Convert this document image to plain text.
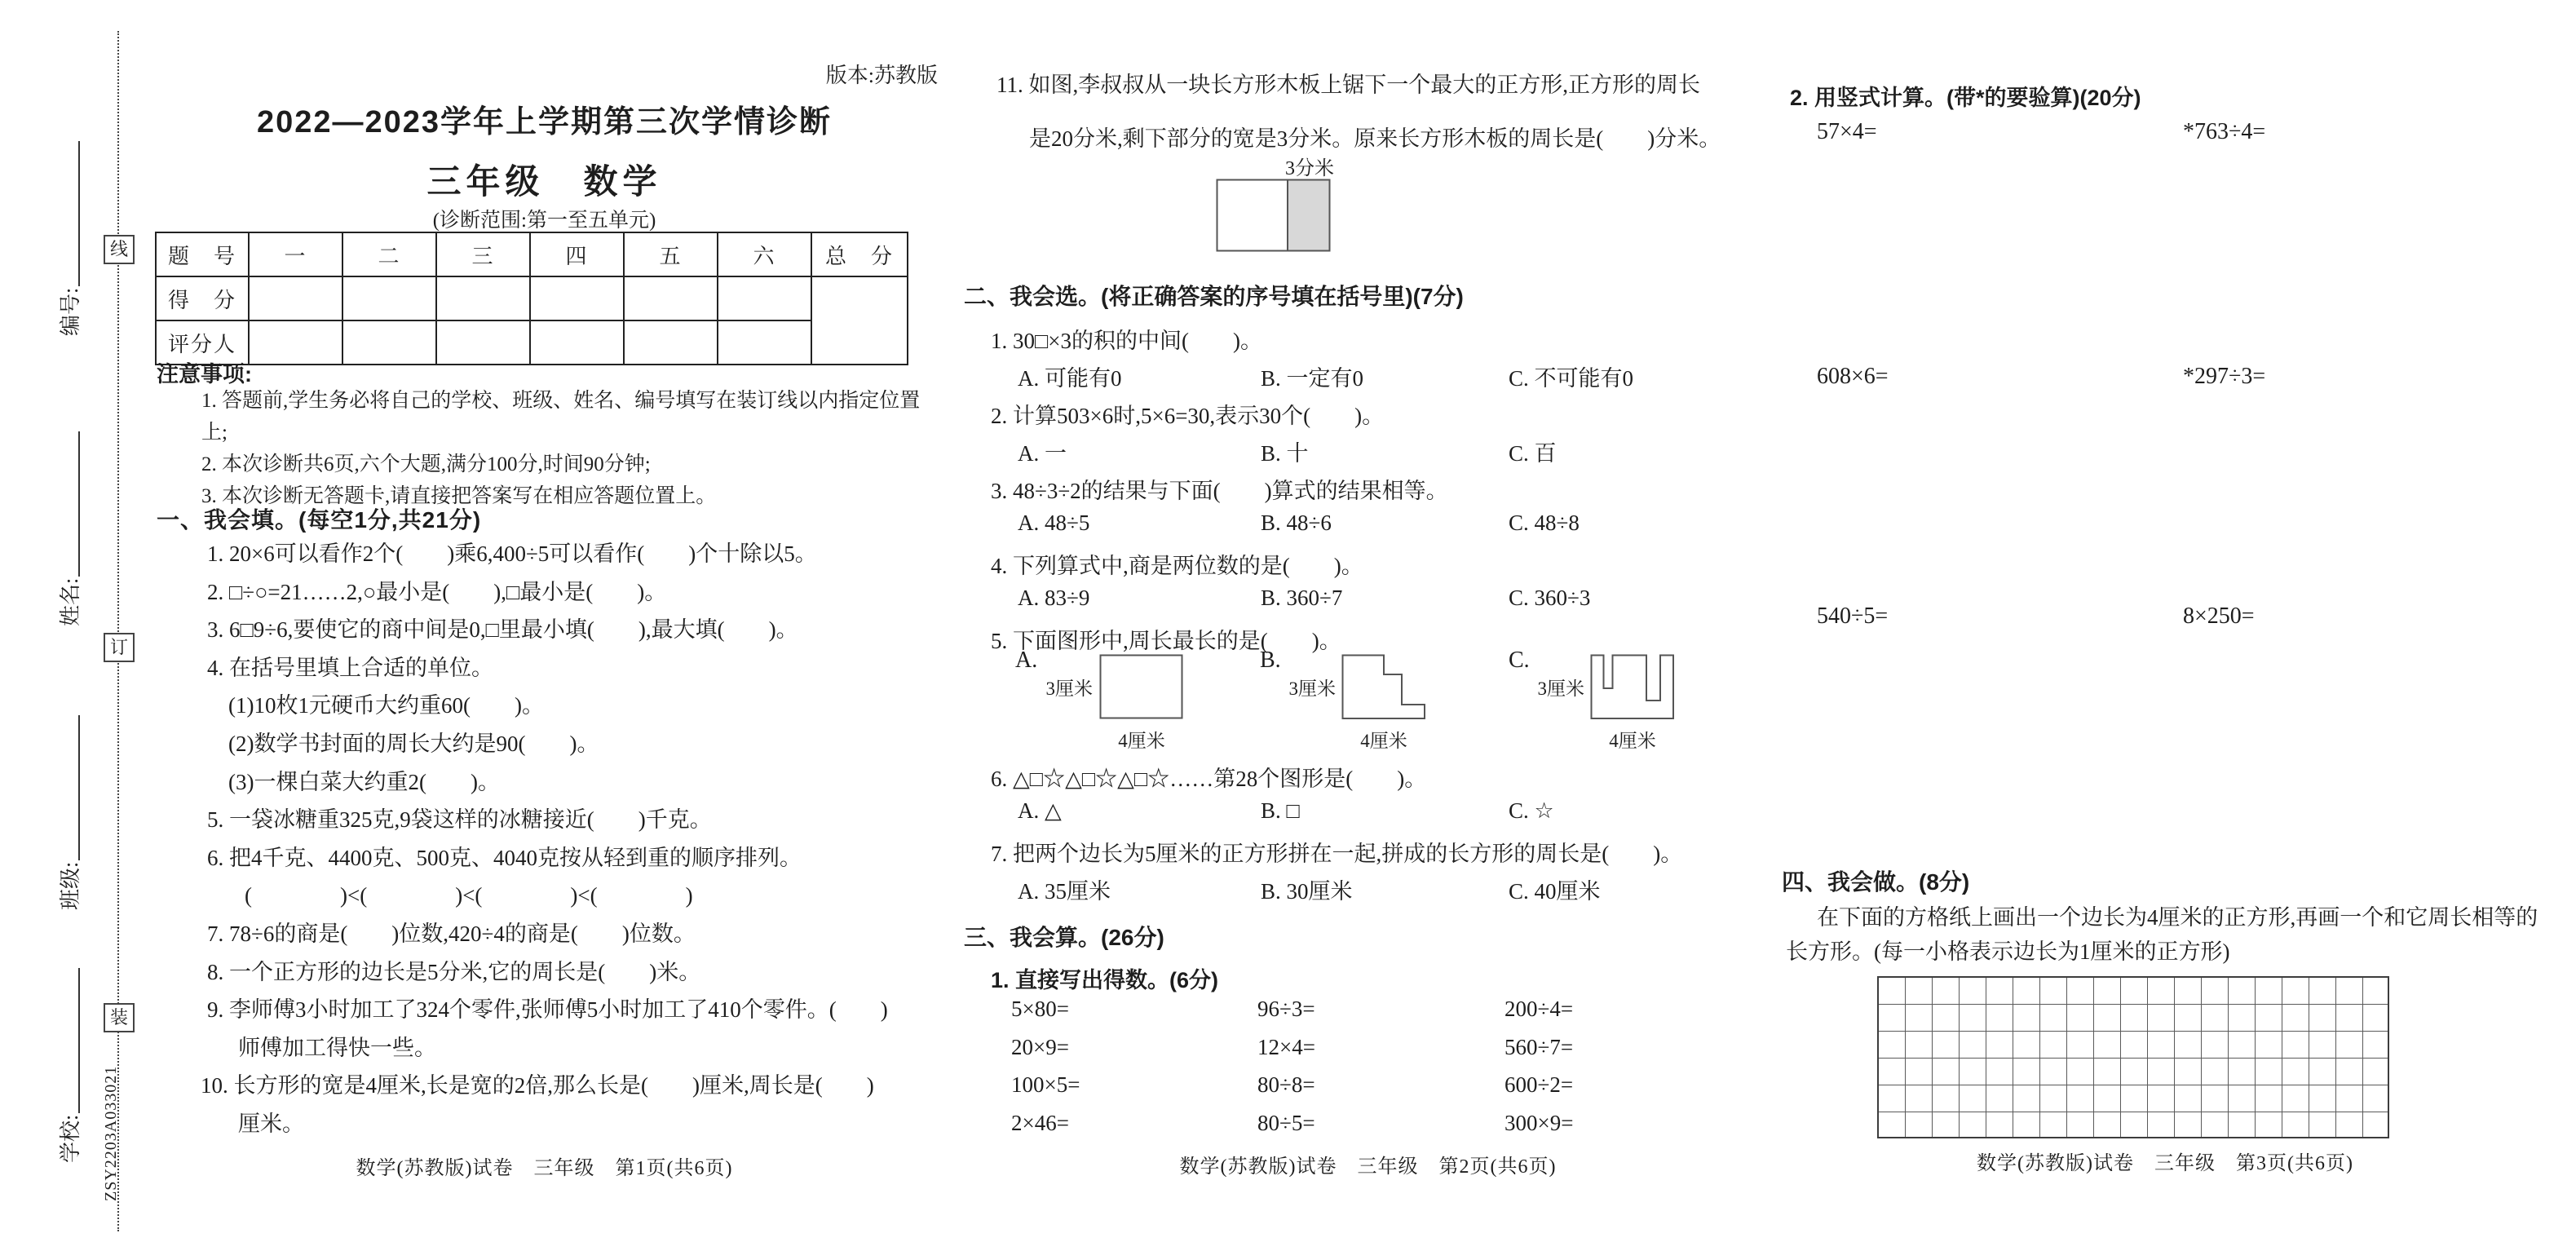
线
订
装
编号:
姓名:
班级:
学校: ZSY2203A033021
版本:苏教版
2022—2023学年上学期第三次学情诊断
三年级　数学
(诊断范围:第一至五单元)
题　号	一	二	三	四	五	六	总　分
得　分							
评分人							
注意事项:
1. 答题前,学生务必将自己的学校、班级、姓名、编号填写在装订线以内指定位置上;
2. 本次诊断共6页,六个大题,满分100分,时间90分钟;
3. 本次诊断无答题卡,请直接把答案写在相应答题位置上。
一、我会填。(每空1分,共21分)
1. 20×6可以看作2个(　　)乘6,400÷5可以看作(　　)个十除以5。
2. □÷○=21……2,○最小是(　　),□最小是(　　)。
3. 6□9÷6,要使它的商中间是0,□里最小填(　　),最大填(　　)。
4. 在括号里填上合适的单位。
(1)10枚1元硬币大约重60(　　)。
(2)数学书封面的周长大约是90(　　)。
(3)一棵白菜大约重2(　　)。
5. 一袋冰糖重325克,9袋这样的冰糖接近(　　)千克。
6. 把4千克、4400克、500克、4040克按从轻到重的顺序排列。
(　　　　)<(　　　　)<(　　　　)<(　　　　)
7. 78÷6的商是(　　)位数,420÷4的商是(　　)位数。
8. 一个正方形的边长是5分米,它的周长是(　　)米。
9. 李师傅3小时加工了324个零件,张师傅5小时加工了410个零件。(　　)
师傅加工得快一些。
10. 长方形的宽是4厘米,长是宽的2倍,那么长是(　　)厘米,周长是(　　)
厘米。
数学(苏教版)试卷　三年级　第1页(共6页)
11. 如图,李叔叔从一块长方形木板上锯下一个最大的正方形,正方形的周长
是20分米,剩下部分的宽是3分米。原来长方形木板的周长是(　　)分米。
3分米
二、我会选。(将正确答案的序号填在括号里)(7分)
1. 30□×3的积的中间(　　)。
A. 可能有0	B. 一定有0	C. 不可能有0
2. 计算503×6时,5×6=30,表示30个(　　)。
A. 一	B. 十	C. 百
3. 48÷3÷2的结果与下面(　　)算式的结果相等。
A. 48÷5	B. 48÷6	C. 48÷8
4. 下列算式中,商是两位数的是(　　)。
A. 83÷9	B. 360÷7	C. 360÷3
5. 下面图形中,周长最长的是(　　)。
A.
3厘米
4厘米
B.
3厘米
4厘米
C.
3厘米
4厘米
6. △□☆△□☆△□☆……第28个图形是(　　)。
A. △	B. □	C. ☆
7. 把两个边长为5厘米的正方形拼在一起,拼成的长方形的周长是(　　)。
A. 35厘米	B. 30厘米	C. 40厘米
三、我会算。(26分)
1. 直接写出得数。(6分)
5×80=	96÷3=	200÷4=
20×9=	12×4=	560÷7=
100×5=	80÷8=	600÷2=
2×46=	80÷5=	300×9=
数学(苏教版)试卷　三年级　第2页(共6页)
2. 用竖式计算。(带*的要验算)(20分)
57×4=	*763÷4=
608×6=	*297÷3=
540÷5=	8×250=
四、我会做。(8分)
在下面的方格纸上画出一个边长为4厘米的正方形,再画一个和它周长相等的
长方形。(每一小格表示边长为1厘米的正方形)
数学(苏教版)试卷　三年级　第3页(共6页)
